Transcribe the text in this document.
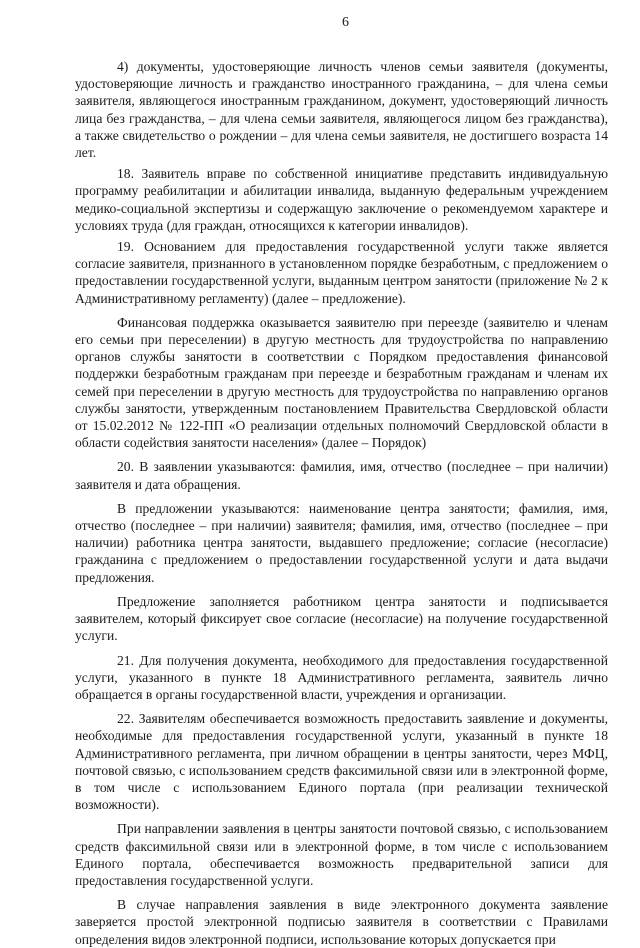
6

4) документы, удостоверяющие личность членов семьи заявителя (документы, удостоверяющие личность и гражданство иностранного гражданина, – для члена семьи заявителя, являющегося иностранным гражданином, документ, удостоверяющий личность лица без гражданства, – для члена семьи заявителя, являющегося лицом без гражданства), а также свидетельство о рождении – для члена семьи заявителя, не достигшего возраста 14 лет.

18. Заявитель вправе по собственной инициативе представить индивидуальную программу реабилитации и абилитации инвалида, выданную федеральным учреждением медико-социальной экспертизы и содержащую заключение о рекомендуемом характере и условиях труда (для граждан, относящихся к категории инвалидов).

19. Основанием для предоставления государственной услуги также является согласие заявителя, признанного в установленном порядке безработным, с предложением о предоставлении государственной услуги, выданным центром занятости (приложение № 2 к Административному регламенту) (далее – предложение).

Финансовая поддержка оказывается заявителю при переезде (заявителю и членам его семьи при переселении) в другую местность для трудоустройства по направлению органов службы занятости в соответствии с Порядком предоставления финансовой поддержки безработным гражданам при переезде и безработным гражданам и членам их семей при переселении в другую местность для трудоустройства по направлению органов службы занятости, утвержденным постановлением Правительства Свердловской области от 15.02.2012 № 122-ПП «О реализации отдельных полномочий Свердловской области в области содействия занятости населения» (далее – Порядок)

20. В заявлении указываются: фамилия, имя, отчество (последнее – при наличии) заявителя и дата обращения.

В предложении указываются: наименование центра занятости; фамилия, имя, отчество (последнее – при наличии) заявителя; фамилия, имя, отчество (последнее – при наличии) работника центра занятости, выдавшего предложение; согласие (несогласие) гражданина с предложением о предоставлении государственной услуги и дата выдачи предложения.

Предложение заполняется работником центра занятости и подписывается заявителем, который фиксирует свое согласие (несогласие) на получение государственной услуги.

21. Для получения документа, необходимого для предоставления государственной услуги, указанного в пункте 18 Административного регламента, заявитель лично обращается в органы государственной власти, учреждения и организации.

22. Заявителям обеспечивается возможность предоставить заявление и документы, необходимые для предоставления государственной услуги, указанный в пункте 18 Административного регламента, при личном обращении в центры занятости, через МФЦ, почтовой связью, с использованием средств факсимильной связи или в электронной форме, в том числе с использованием Единого портала (при реализации технической возможности).

При направлении заявления в центры занятости почтовой связью, с использованием средств факсимильной связи или в электронной форме, в том числе с использованием Единого портала, обеспечивается возможность предварительной записи для предоставления государственной услуги.

В случае направления заявления в виде электронного документа заявление заверяется простой электронной подписью заявителя в соответствии с Правилами определения видов электронной подписи, использование которых допускается при
